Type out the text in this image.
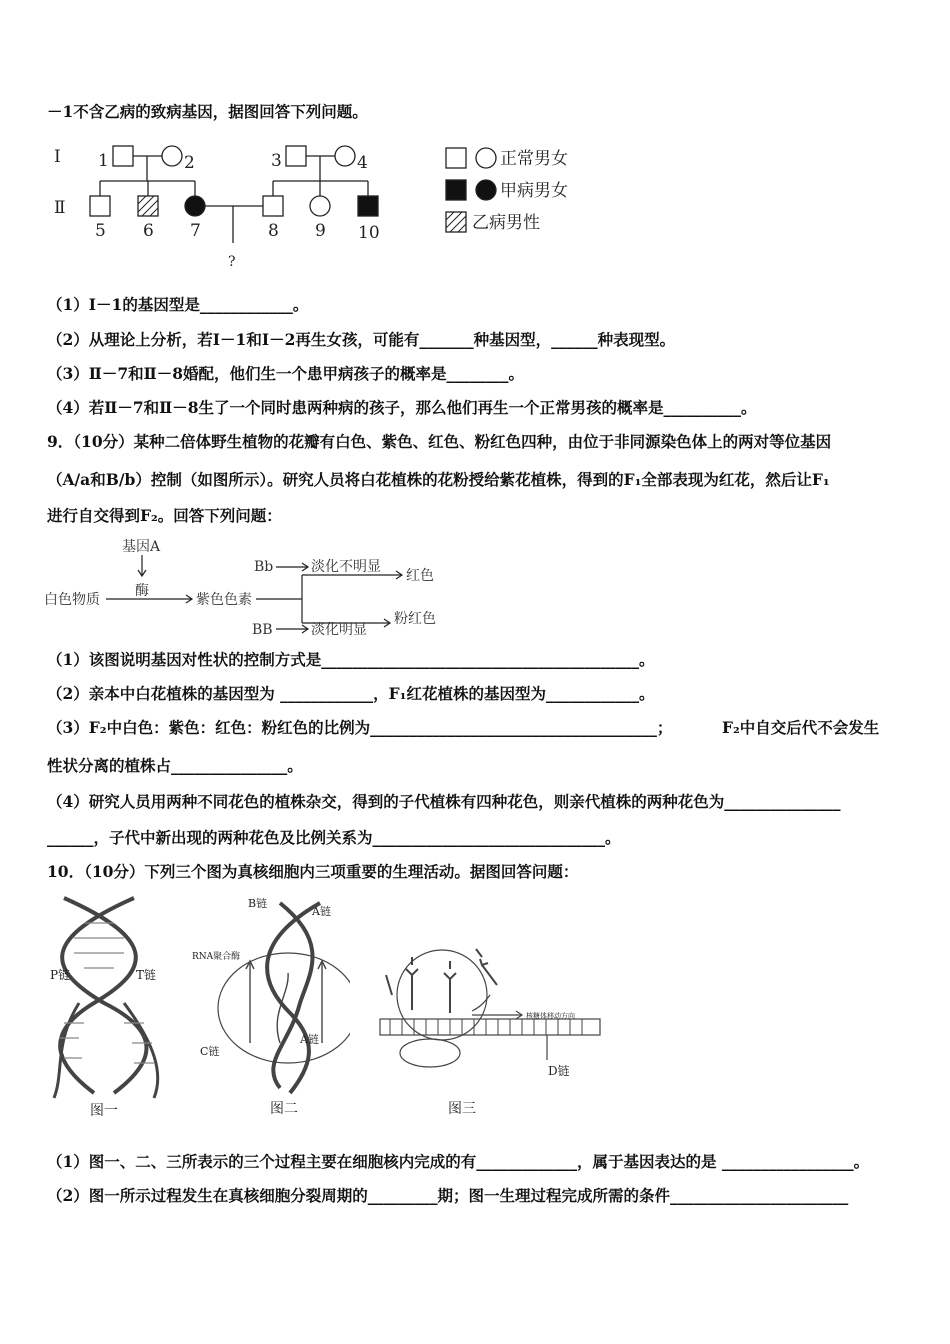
－1不含乙病的致病基因，据图回答下列问题。
Ⅰ
Ⅱ
1	2	3	4
5 6 7	8 9 10
?
正常男女
甲病男女
乙病男性
（1）Ⅰ－1的基因型是____________。
（2）从理论上分析，若Ⅰ－1和Ⅰ－2再生女孩，可能有_______种基因型，______种表现型。
（3）Ⅱ－7和Ⅱ－8婚配，他们生一个患甲病孩子的概率是________。
（4）若Ⅱ－7和Ⅱ－8生了一个同时患两种病的孩子，那么他们再生一个正常男孩的概率是__________。
9．（10分）某种二倍体野生植物的花瓣有白色、紫色、红色、粉红色四种，由位于非同源染色体上的两对等位基因
（A/a和B/b）控制（如图所示）。研究人员将白花植株的花粉授给紫花植株，得到的F₁全部表现为红花，然后让F₁
进行自交得到F₂。回答下列问题：
基因A
酶
白色物质	紫色色素
Bb	淡化不明显
红色
BB	淡化明显
粉红色
（1）该图说明基因对性状的控制方式是_________________________________________。
（2）亲本中白花植株的基因型为 ____________，F₁红花植株的基因型为____________。
（3）F₂中白色：紫色：红色：粉红色的比例为_____________________________________；	F₂中自交后代不会发生
性状分离的植株占_______________。
（4）研究人员用两种不同花色的植株杂交，得到的子代植株有四种花色，则亲代植株的两种花色为_______________
______，子代中新出现的两种花色及比例关系为______________________________。
10．（10分）下列三个图为真核细胞内三项重要的生理活动。据图回答问题：
P链	T链
图一
B链
A链
RNA聚合酶
C链
A链
图二
核糖体移动方向
D链
图三
（1）图一、二、三所表示的三个过程主要在细胞核内完成的有_____________，属于基因表达的是 _________________。
（2）图一所示过程发生在真核细胞分裂周期的_________期；图一生理过程完成所需的条件_______________________
